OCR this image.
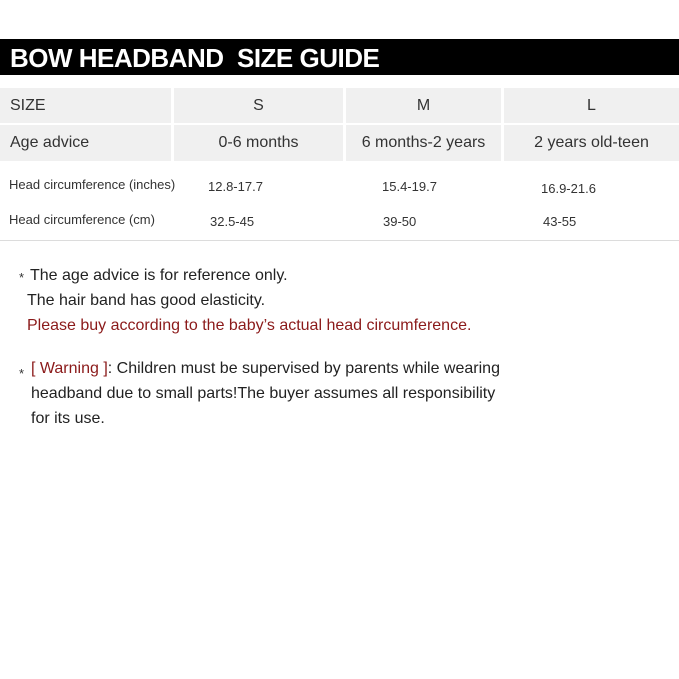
BOW HEADBAND  SIZE GUIDE
SIZE	S	M	L
Age advice	0-6 months	6 months-2 years	2 years old-teen
Head circumference (inches)	12.8-17.7	15.4-19.7	16.9-21.6
Head circumference (cm)	32.5-45	39-50	43-55
* The age advice is for reference only.
The hair band has good elasticity.
Please buy according to the baby’s actual head circumference.
* [ Warning ]: Children must be supervised by parents while wearing
headband due to small parts!The buyer assumes all responsibility
for its use.
